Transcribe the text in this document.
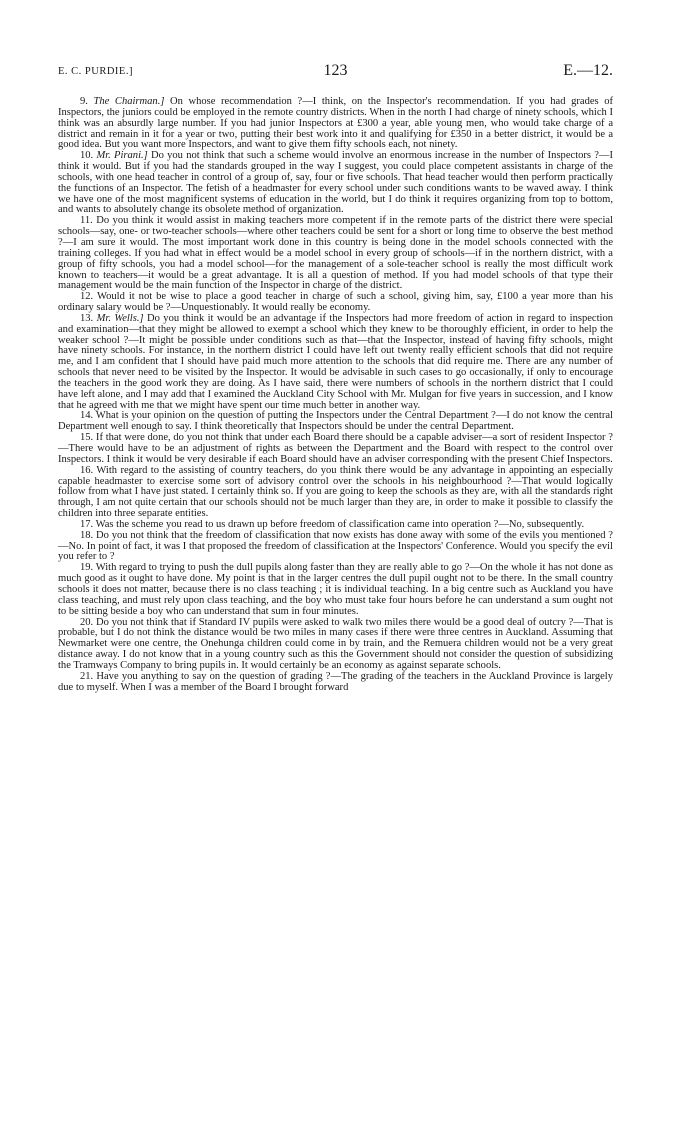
E. C. PURDIE.]	123	E.—12.

9. The Chairman.] On whose recommendation ?—I think, on the Inspector's recommendation. If you had grades of Inspectors, the juniors could be employed in the remote country districts. When in the north I had charge of ninety schools, which I think was an absurdly large number. If you had junior Inspectors at £300 a year, able young men, who would take charge of a district and remain in it for a year or two, putting their best work into it and qualifying for £350 in a better district, it would be a good idea. But you want more Inspectors, and want to give them fifty schools each, not ninety.

10. Mr. Pirani.] Do you not think that such a scheme would involve an enormous increase in the number of Inspectors ?—I think it would. But if you had the standards grouped in the way I suggest, you could place competent assistants in charge of the schools, with one head teacher in control of a group of, say, four or five schools. That head teacher would then perform practically the functions of an Inspector. The fetish of a headmaster for every school under such conditions wants to be waved away. I think we have one of the most magnificent systems of education in the world, but I do think it requires organizing from top to bottom, and wants to absolutely change its obsolete method of organization.

11. Do you think it would assist in making teachers more competent if in the remote parts of the district there were special schools—say, one- or two-teacher schools—where other teachers could be sent for a short or long time to observe the best method ?—I am sure it would. The most important work done in this country is being done in the model schools connected with the training colleges. If you had what in effect would be a model school in every group of schools—if in the northern district, with a group of fifty schools, you had a model school—for the management of a sole-teacher school is really the most difficult work known to teachers—it would be a great advantage. It is all a question of method. If you had model schools of that type their management would be the main function of the Inspector in charge of the district.

12. Would it not be wise to place a good teacher in charge of such a school, giving him, say, £100 a year more than his ordinary salary would be ?—Unquestionably. It would really be economy.

13. Mr. Wells.] Do you think it would be an advantage if the Inspectors had more freedom of action in regard to inspection and examination—that they might be allowed to exempt a school which they knew to be thoroughly efficient, in order to help the weaker school ?—It might be possible under conditions such as that—that the Inspector, instead of having fifty schools, might have ninety schools. For instance, in the northern district I could have left out twenty really efficient schools that did not require me, and I am confident that I should have paid much more attention to the schools that did require me. There are any number of schools that never need to be visited by the Inspector. It would be advisable in such cases to go occasionally, if only to encourage the teachers in the good work they are doing. As I have said, there were numbers of schools in the northern district that I could have left alone, and I may add that I examined the Auckland City School with Mr. Mulgan for five years in succession, and I know that he agreed with me that we might have spent our time much better in another way.

14. What is your opinion on the question of putting the Inspectors under the Central Department ?—I do not know the central Department well enough to say. I think theoretically that Inspectors should be under the central Department.

15. If that were done, do you not think that under each Board there should be a capable adviser—a sort of resident Inspector ?—There would have to be an adjustment of rights as between the Department and the Board with respect to the control over Inspectors. I think it would be very desirable if each Board should have an adviser corresponding with the present Chief Inspectors.

16. With regard to the assisting of country teachers, do you think there would be any advantage in appointing an especially capable headmaster to exercise some sort of advisory control over the schools in his neighbourhood ?—That would logically follow from what I have just stated. I certainly think so. If you are going to keep the schools as they are, with all the standards right through, I am not quite certain that our schools should not be much larger than they are, in order to make it possible to classify the children into three separate entities.

17. Was the scheme you read to us drawn up before freedom of classification came into operation ?—No, subsequently.

18. Do you not think that the freedom of classification that now exists has done away with some of the evils you mentioned ?—No. In point of fact, it was I that proposed the freedom of classification at the Inspectors' Conference. Would you specify the evil you refer to ?

19. With regard to trying to push the dull pupils along faster than they are really able to go ?—On the whole it has not done as much good as it ought to have done. My point is that in the larger centres the dull pupil ought not to be there. In the small country schools it does not matter, because there is no class teaching ; it is individual teaching. In a big centre such as Auckland you have class teaching, and must rely upon class teaching, and the boy who must take four hours before he can understand a sum ought not to be sitting beside a boy who can understand that sum in four minutes.

20. Do you not think that if Standard IV pupils were asked to walk two miles there would be a good deal of outcry ?—That is probable, but I do not think the distance would be two miles in many cases if there were three centres in Auckland. Assuming that Newmarket were one centre, the Onehunga children could come in by train, and the Remuera children would not be a very great distance away. I do not know that in a young country such as this the Government should not consider the question of subsidizing the Tramways Company to bring pupils in. It would certainly be an economy as against separate schools.

21. Have you anything to say on the question of grading ?—The grading of the teachers in the Auckland Province is largely due to myself. When I was a member of the Board I brought forward
